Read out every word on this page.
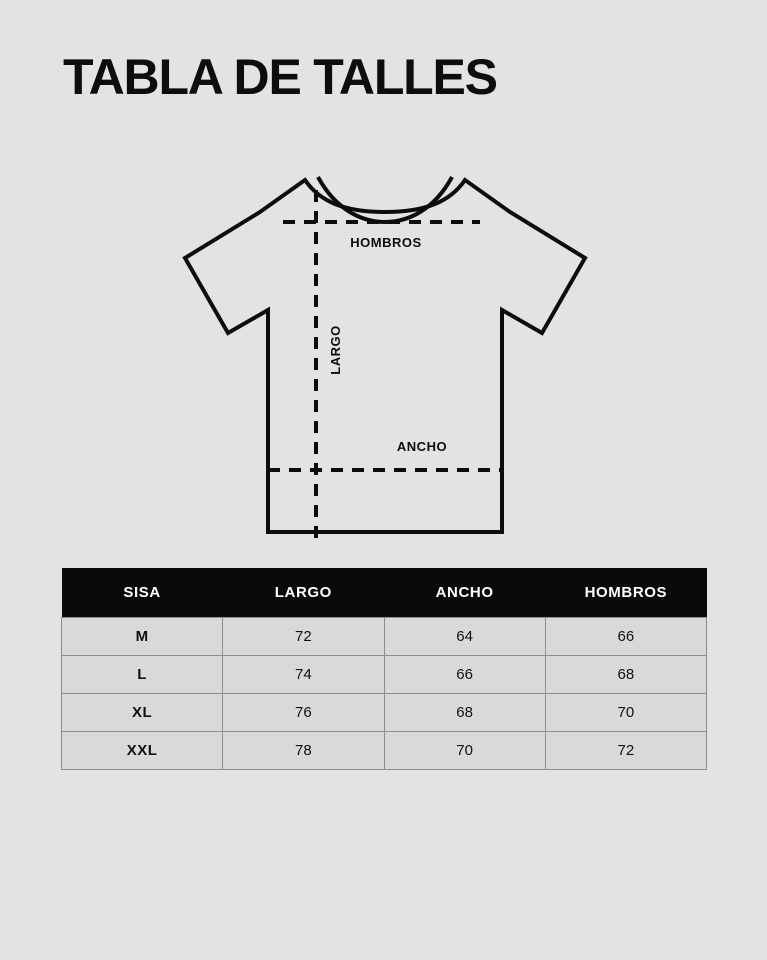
TABLA DE TALLES
HOMBROS
LARGO
ANCHO
SISA	LARGO	ANCHO	HOMBROS
M	72	64	66
L	74	66	68
XL	76	68	70
XXL	78	70	72
